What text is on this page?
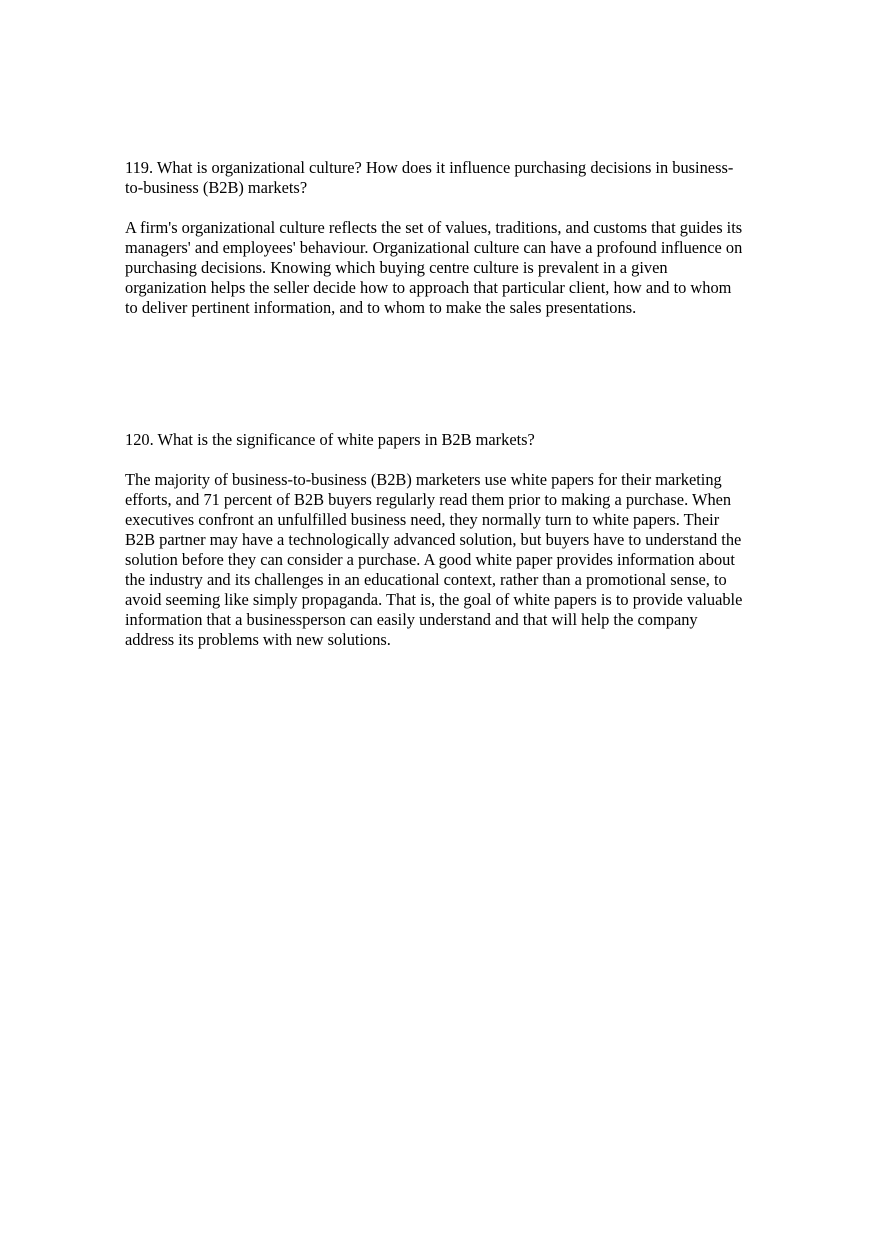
119. What is organizational culture? How does it influence purchasing decisions in business-
to-business (B2B) markets?

A firm's organizational culture reflects the set of values, traditions, and customs that guides its
managers' and employees' behaviour. Organizational culture can have a profound influence on
purchasing decisions. Knowing which buying centre culture is prevalent in a given
organization helps the seller decide how to approach that particular client, how and to whom
to deliver pertinent information, and to whom to make the sales presentations.

120. What is the significance of white papers in B2B markets?

The majority of business-to-business (B2B) marketers use white papers for their marketing
efforts, and 71 percent of B2B buyers regularly read them prior to making a purchase. When
executives confront an unfulfilled business need, they normally turn to white papers. Their
B2B partner may have a technologically advanced solution, but buyers have to understand the
solution before they can consider a purchase. A good white paper provides information about
the industry and its challenges in an educational context, rather than a promotional sense, to
avoid seeming like simply propaganda. That is, the goal of white papers is to provide valuable
information that a businessperson can easily understand and that will help the company
address its problems with new solutions.
